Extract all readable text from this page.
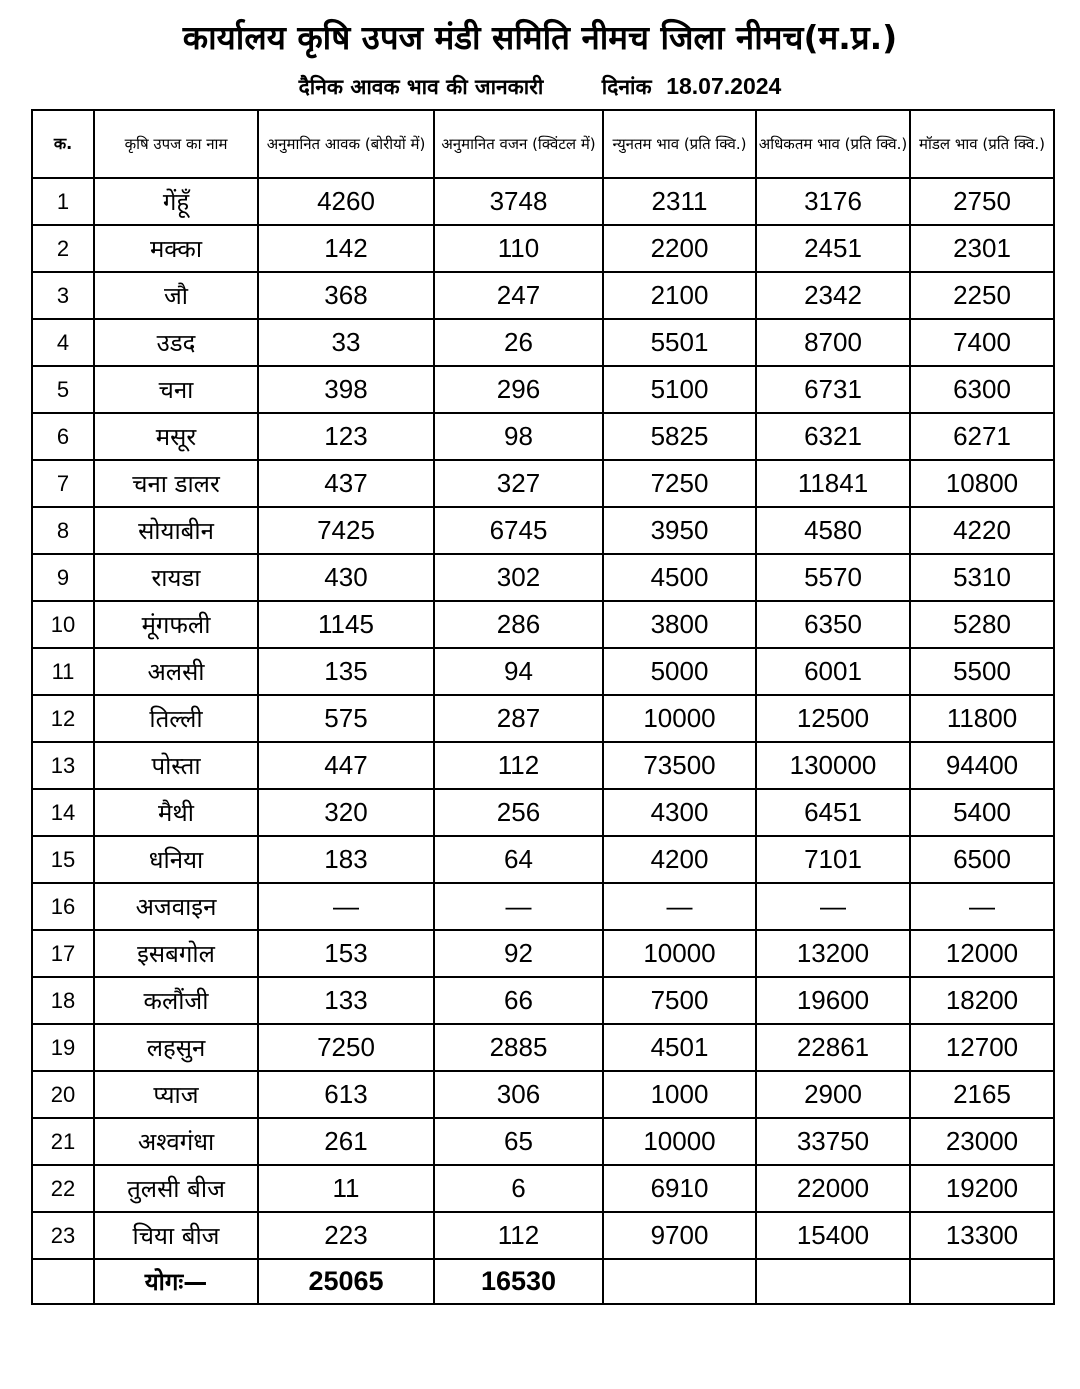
कार्यालय कृषि उपज मंडी समिति नीमच जिला नीमच(म.प्र.)
दैनिक आवक भाव की जानकारी	दिनांक 18.07.2024
क.	कृषि उपज का नाम	अनुमानित आवक (बोरीयों में)	अनुमानित वजन (क्विंटल में)	न्युनतम भाव (प्रति क्वि.)	अधिकतम भाव (प्रति क्वि.)	मॉडल भाव (प्रति क्वि.)
1	गेंहूँ	4260	3748	2311	3176	2750
2	मक्का	142	110	2200	2451	2301
3	जौ	368	247	2100	2342	2250
4	उडद	33	26	5501	8700	7400
5	चना	398	296	5100	6731	6300
6	मसूर	123	98	5825	6321	6271
7	चना डालर	437	327	7250	11841	10800
8	सोयाबीन	7425	6745	3950	4580	4220
9	रायडा	430	302	4500	5570	5310
10	मूंगफली	1145	286	3800	6350	5280
11	अलसी	135	94	5000	6001	5500
12	तिल्ली	575	287	10000	12500	11800
13	पोस्ता	447	112	73500	130000	94400
14	मैथी	320	256	4300	6451	5400
15	धनिया	183	64	4200	7101	6500
16	अजवाइन	—	—	—	—	—
17	इसबगोल	153	92	10000	13200	12000
18	कलौंजी	133	66	7500	19600	18200
19	लहसुन	7250	2885	4501	22861	12700
20	प्याज	613	306	1000	2900	2165
21	अश्वगंधा	261	65	10000	33750	23000
22	तुलसी बीज	11	6	6910	22000	19200
23	चिया बीज	223	112	9700	15400	13300
	योगः—	25065	16530			
